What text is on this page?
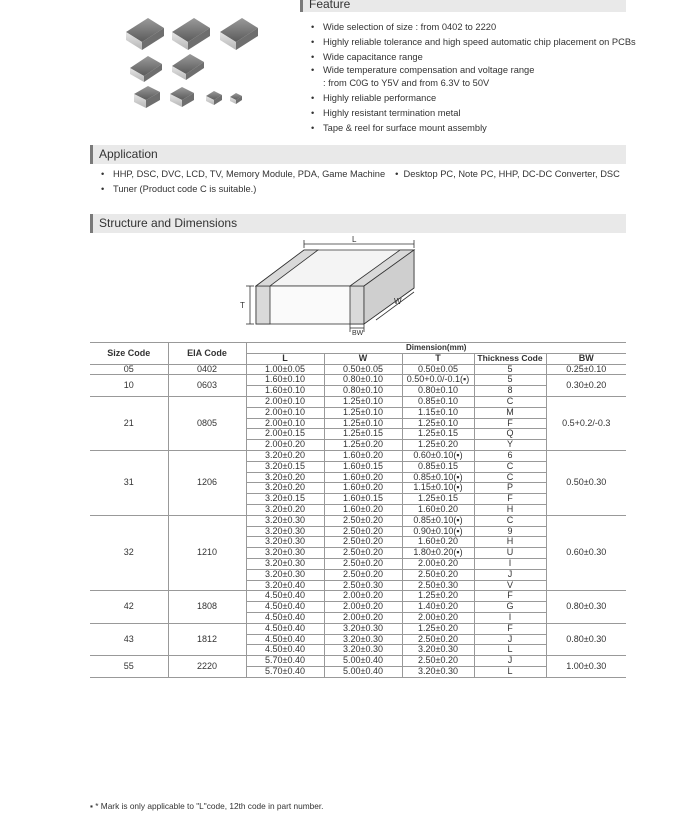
Feature
• Wide selection of size : from 0402 to 2220
• Highly reliable tolerance and high speed automatic chip placement on PCBs
• Wide capacitance range
• Wide temperature compensation and voltage range
: from C0G to Y5V and from 6.3V to 50V
• Highly reliable performance
• Highly resistant termination metal
• Tape & reel for surface mount assembly
Application
• HHP, DSC, DVC, LCD, TV, Memory Module, PDA, Game Machine •  Desktop PC, Note PC, HHP, DC-DC Converter, DSC
• Tuner (Product code C is suitable.)
Structure and Dimensions
L
T	W
BW
Size Code	EIA Code	Dimension(mm)				
		L	W	T	Thickness Code	BW
05	0402	1.00±0.05	0.50±0.05	0.50±0.05	5	0.25±0.10
10	0603	1.60±0.10	0.80±0.10	0.50+0.0/-0.1(▪)	5	0.30±0.20
		1.60±0.10	0.80±0.10	0.80±0.10	8	
21	0805	2.00±0.10	1.25±0.10	0.85±0.10	C	0.5+0.2/-0.3
		2.00±0.10	1.25±0.10	1.15±0.10	M	
		2.00±0.10	1.25±0.10	1.25±0.10	F	
		2.00±0.15	1.25±0.15	1.25±0.15	Q	
		2.00±0.20	1.25±0.20	1.25±0.20	Y	
31	1206	3.20±0.20	1.60±0.20	0.60±0.10(▪)	6	0.50±0.30
		3.20±0.15	1.60±0.15	0.85±0.15	C	
		3.20±0.20	1.60±0.20	0.85±0.10(▪)	C	
		3.20±0.20	1.60±0.20	1.15±0.10(▪)	P	
		3.20±0.15	1.60±0.15	1.25±0.15	F	
		3.20±0.20	1.60±0.20	1.60±0.20	H	
32	1210	3.20±0.30	2.50±0.20	0.85±0.10(▪)	C	0.60±0.30
		3.20±0.30	2.50±0.20	0.90±0.10(▪)	9	
		3.20±0.30	2.50±0.20	1.60±0.20	H	
		3.20±0.30	2.50±0.20	1.80±0.20(▪)	U	
		3.20±0.30	2.50±0.20	2.00±0.20	I	
		3.20±0.30	2.50±0.20	2.50±0.20	J	
		3.20±0.40	2.50±0.30	2.50±0.30	V	
42	1808	4.50±0.40	2.00±0.20	1.25±0.20	F	0.80±0.30
		4.50±0.40	2.00±0.20	1.40±0.20	G	
		4.50±0.40	2.00±0.20	2.00±0.20	I	
43	1812	4.50±0.40	3.20±0.30	1.25±0.20	F	0.80±0.30
		4.50±0.40	3.20±0.30	2.50±0.20	J	
		4.50±0.40	3.20±0.30	3.20±0.30	L	
55	2220	5.70±0.40	5.00±0.40	2.50±0.20	J	1.00±0.30
		5.70±0.40	5.00±0.40	3.20±0.30	L	
▪ * Mark is only applicable to "L"code, 12th code in part number.
